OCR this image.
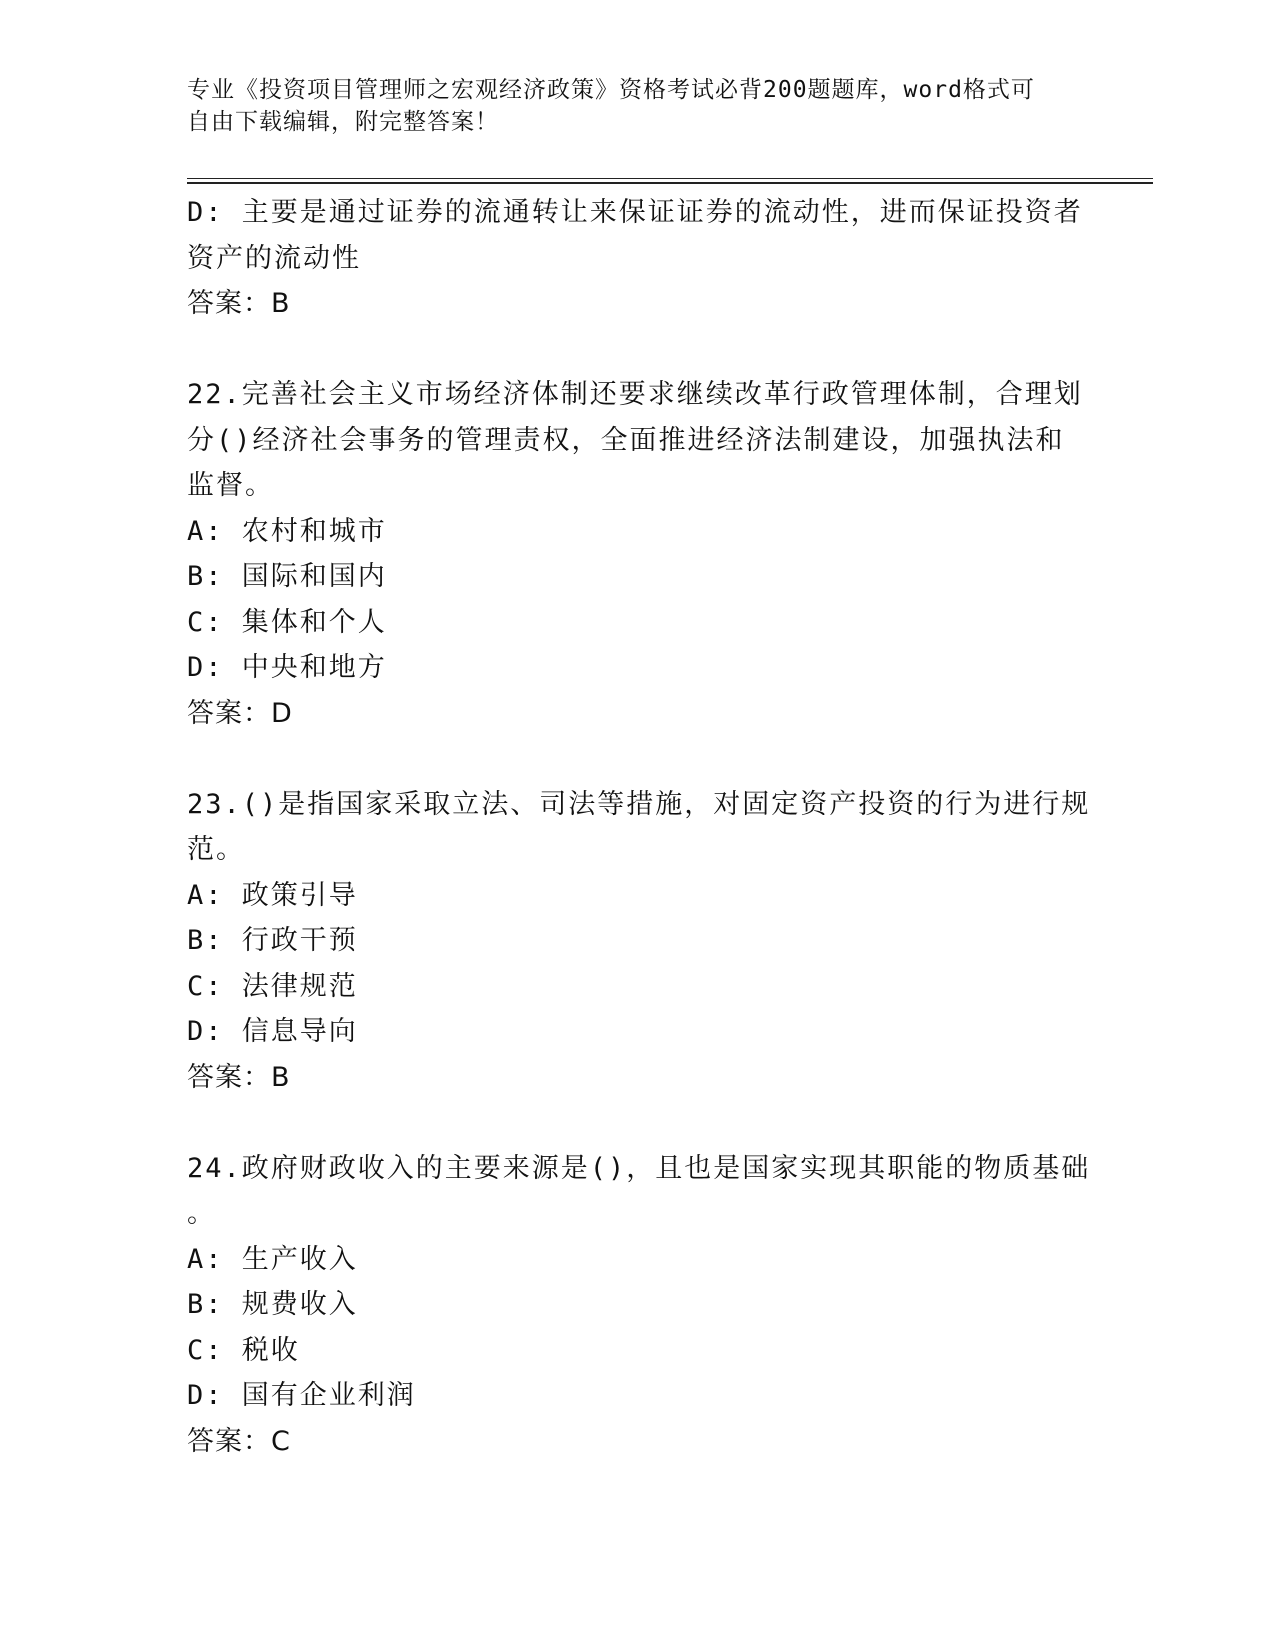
专业《投资项目管理师之宏观经济政策》资格考试必背200题题库，word格式可
自由下载编辑，附完整答案！
D: 主要是通过证券的流通转让来保证证券的流动性，进而保证投资者
资产的流动性
答案：B
22.完善社会主义市场经济体制还要求继续改革行政管理体制，合理划
分()经济社会事务的管理责权，全面推进经济法制建设，加强执法和
监督。
A: 农村和城市
B: 国际和国内
C: 集体和个人
D: 中央和地方
答案：D
23.()是指国家采取立法、司法等措施，对固定资产投资的行为进行规
范。
A: 政策引导
B: 行政干预
C: 法律规范
D: 信息导向
答案：B
24.政府财政收入的主要来源是()，且也是国家实现其职能的物质基础
。
A: 生产收入
B: 规费收入
C: 税收
D: 国有企业利润
答案：C
